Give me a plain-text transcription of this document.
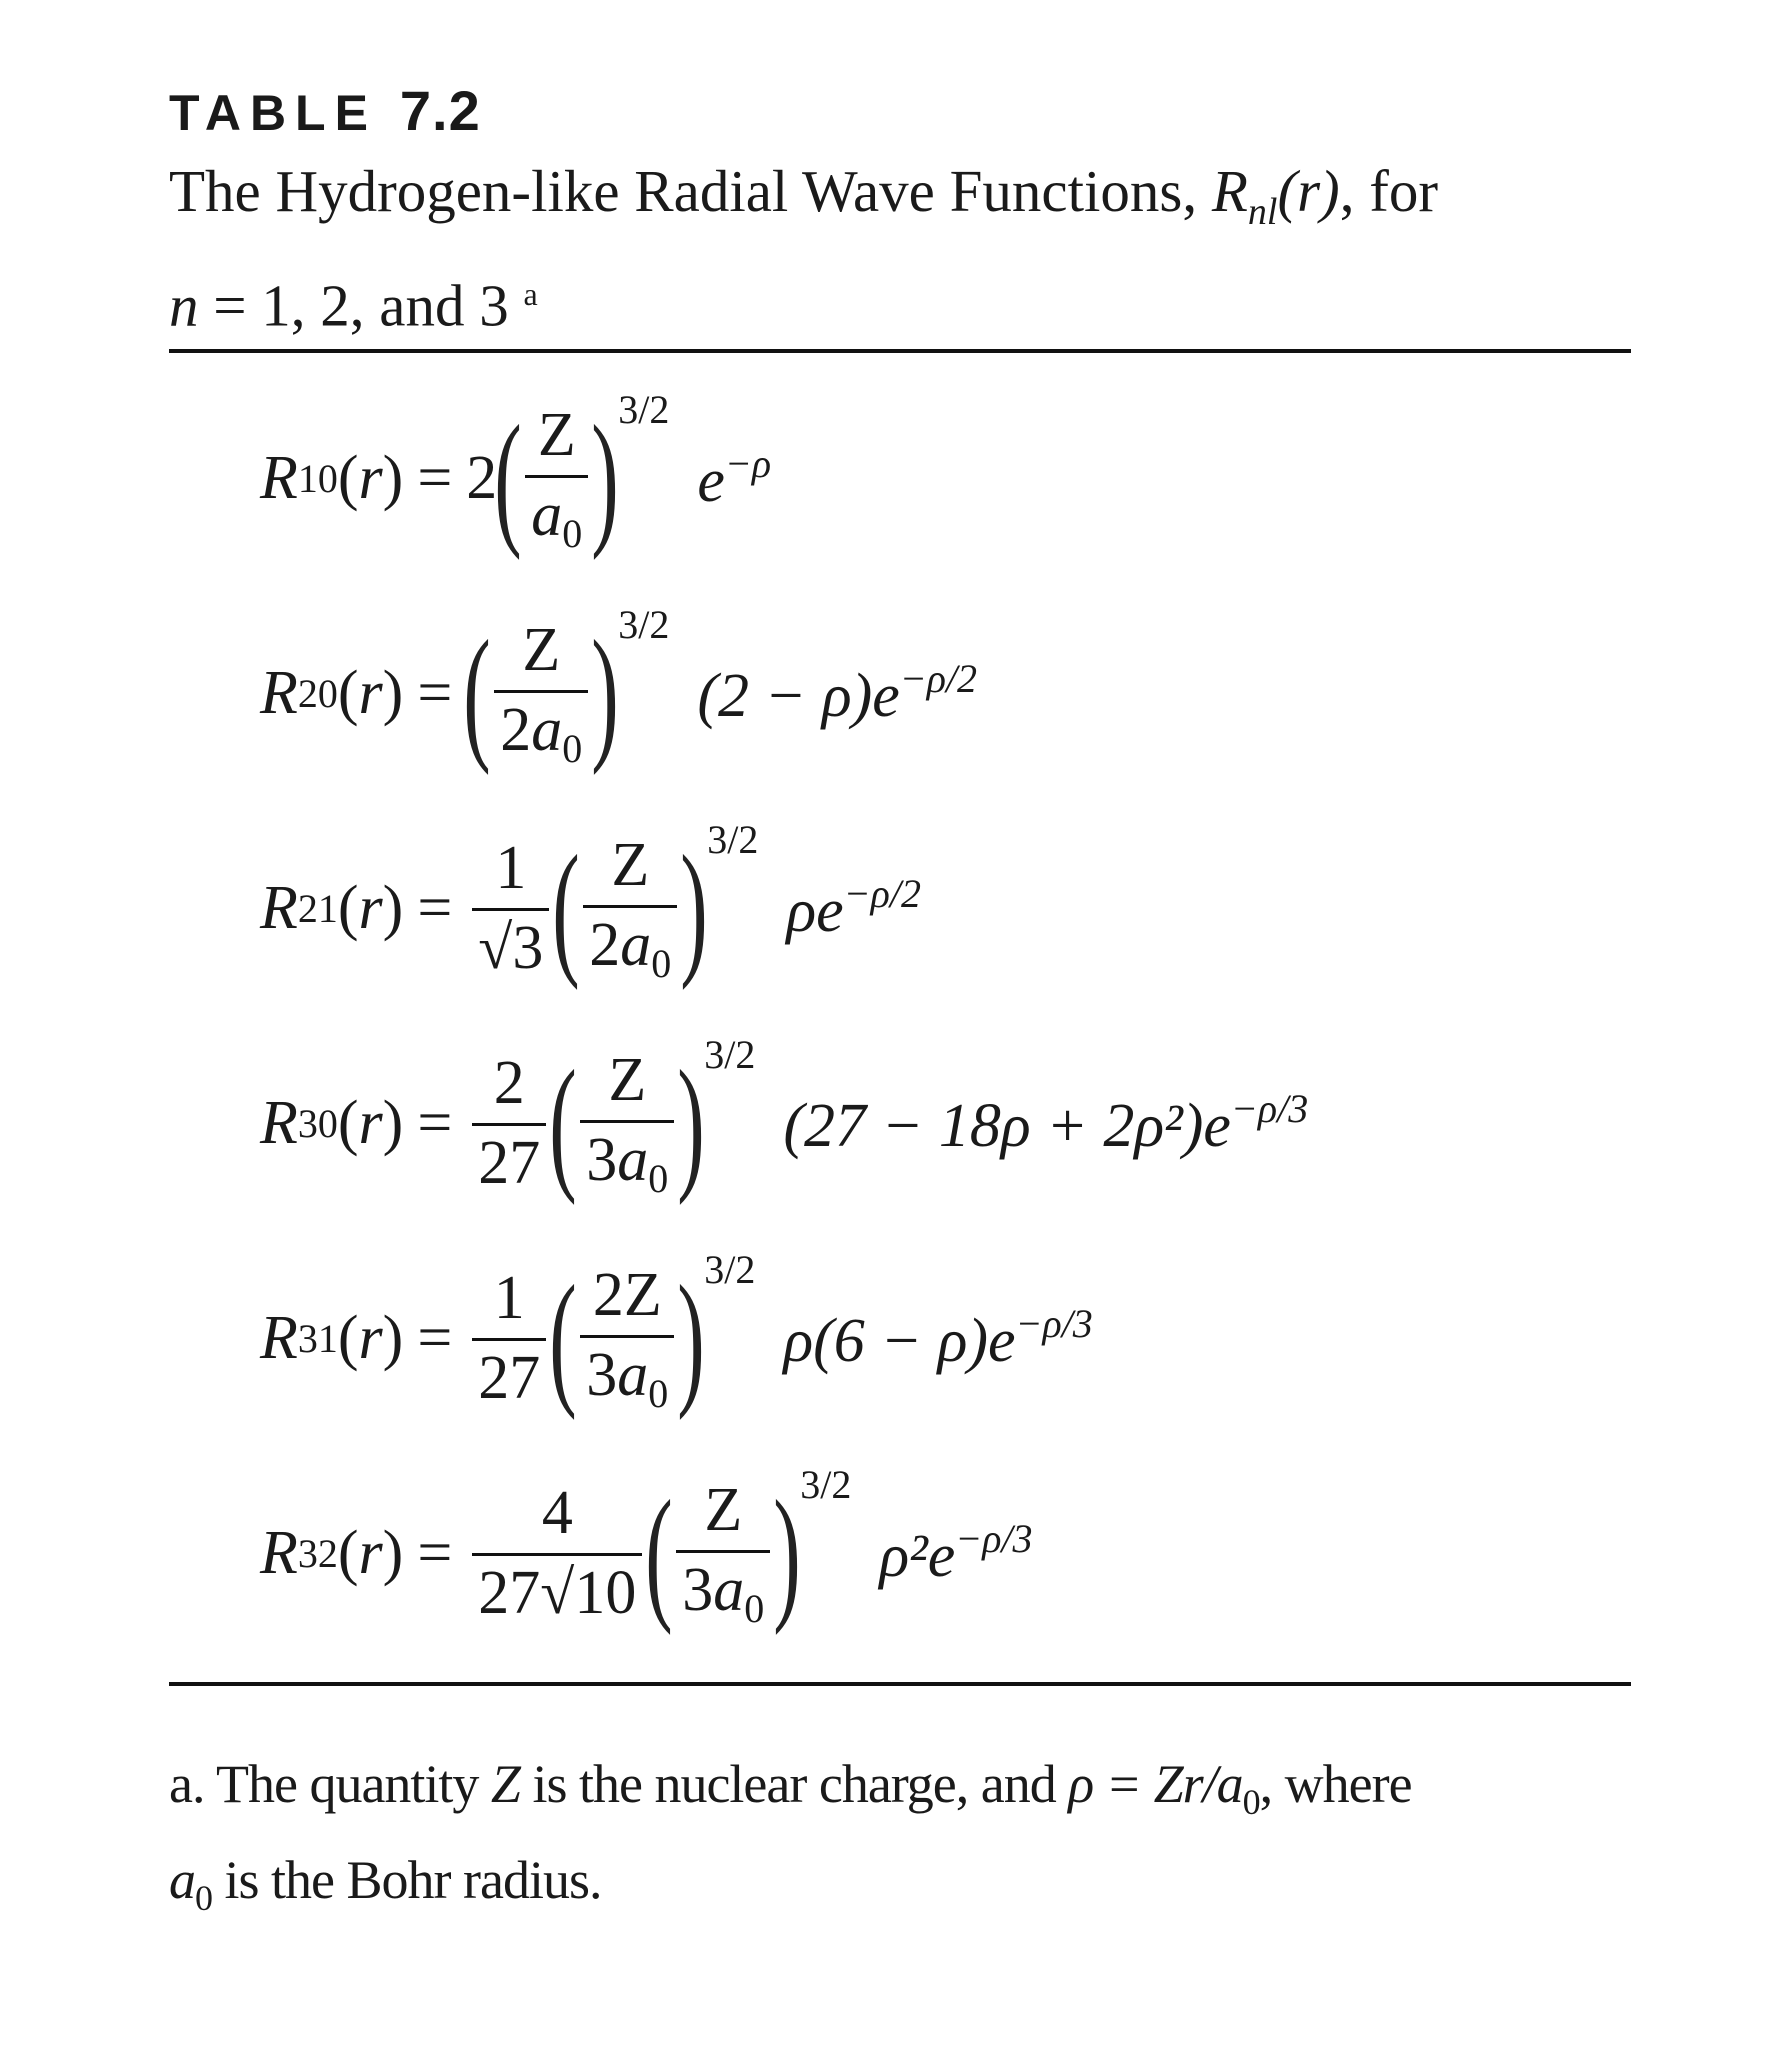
TABLE 7.2
The Hydrogen-like Radial Wave Functions, $R_{nl}(r)$, for
n = 1, 2, and 3 $^a$
R 10 (r) = 2
( $\frac{Z}{a_0}$ ) 3/2
$e^{-\rho}$
R 20 (r) = ( $\frac{Z}{2a_0}$ ) 3/2
$(2 - \rho)e^{-\rho/2}$
R 21 $(r) = \frac{1}{√3}$ ( $\frac{Z}{2a_0}$ ) 3/2
$\rho e^{-\rho/2}$
R 30 $(r) = \frac{2}{27}$ ( $\frac{Z}{3a_0}$ ) 3/2
$(27 - 18\rho + 2\rho^2)e^{-\rho/3}$
R 31 $(r) = \frac{1}{27}$ ( $\frac{2Z}{3a_0}$ ) 3/2
$\rho(6 - \rho)e^{-\rho/3}$
R 32 $(r) = \frac{4}{27√10}$ ( $\frac{Z}{3a_0}$ ) 3/2
$\rho^2e^{-\rho/3}$
a. The quantity Z is the nuclear charge, and $\rho = Zr/a_0$, where
$a_0$ is the Bohr radius.
